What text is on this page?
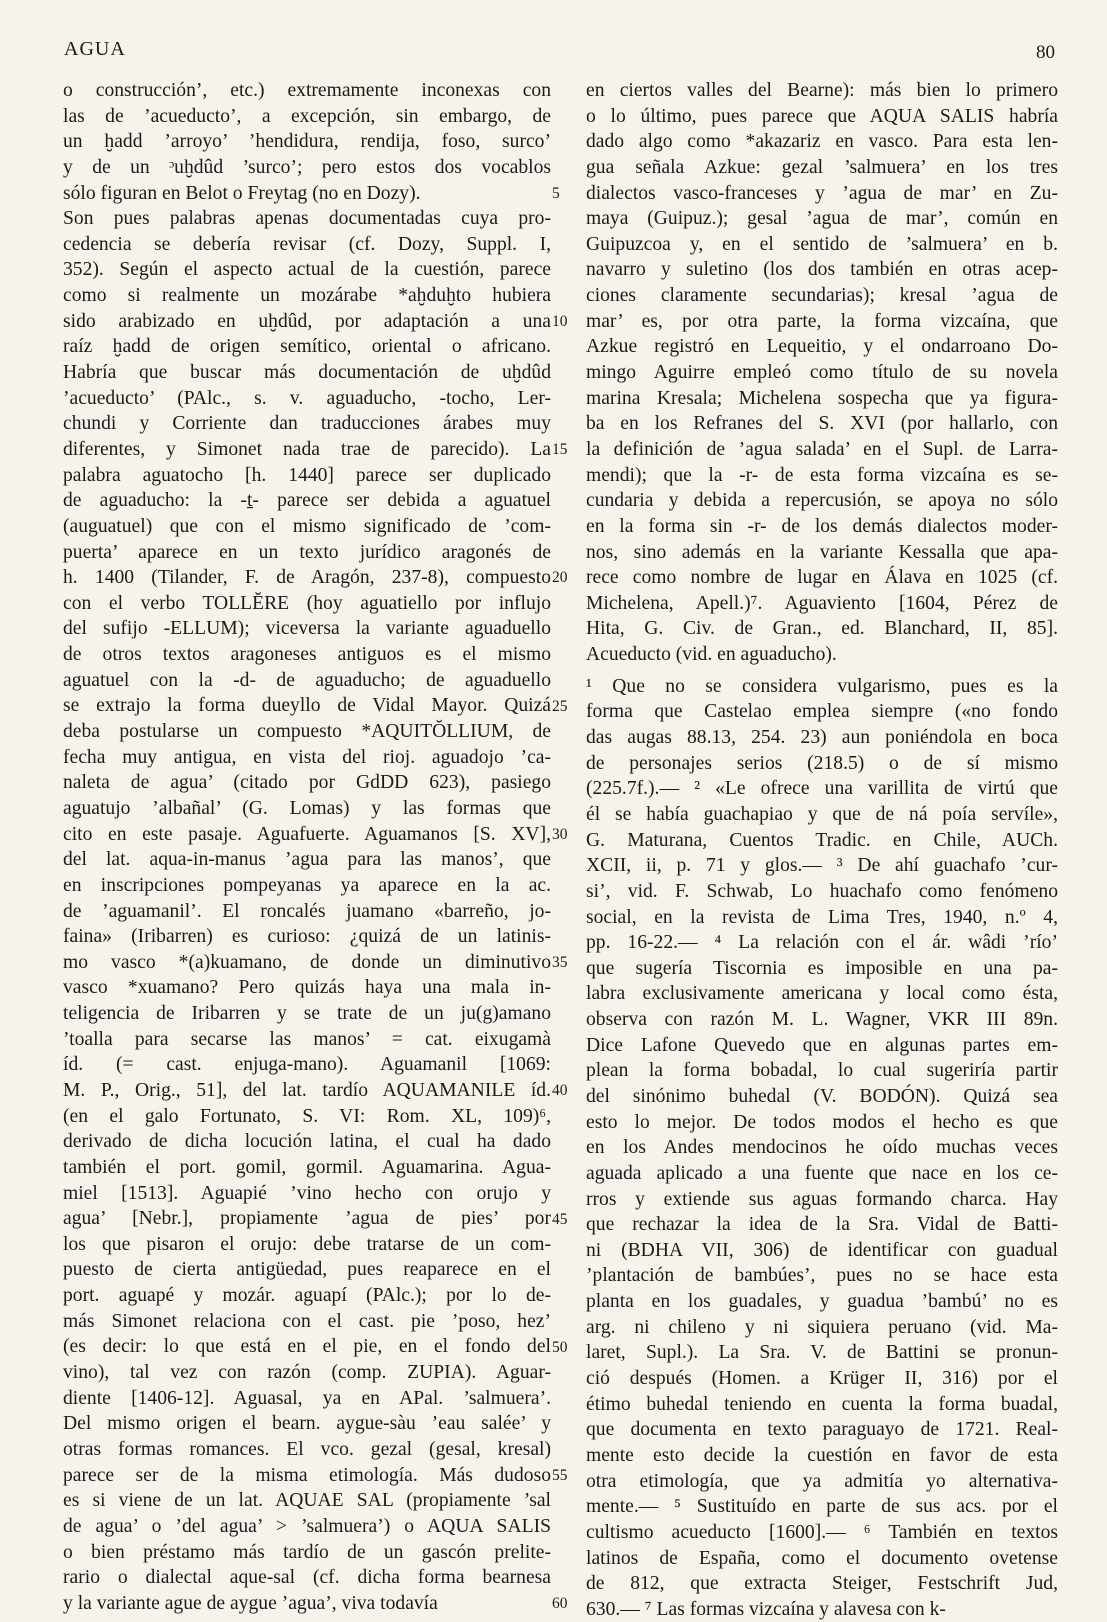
AGUA	80
o construcción’, etc.) extremamente inconexas con
las de ’acueducto’, a excepción, sin embargo, de
un ḫadd ’arroyo’ ’hendidura, rendija, foso, surco’
y de un ᵓuḫdûd ’surco’; pero estos dos vocablos
sólo figuran en Belot o Freytag (no en Dozy).
Son pues palabras apenas documentadas cuya pro-
cedencia se debería revisar (cf. Dozy, Suppl. I,
352). Según el aspecto actual de la cuestión, parece
como si realmente un mozárabe *aḫduḫto hubiera
sido arabizado en uḫdûd, por adaptación a una
raíz ḫadd de origen semítico, oriental o africano.
Habría que buscar más documentación de uḫdûd
’acueducto’ (PAlc., s. v. aguaducho, -tocho, Ler-
chundi y Corriente dan traducciones árabes muy
diferentes, y Simonet nada trae de parecido). La
palabra aguatocho [h. 1440] parece ser duplicado
de aguaducho: la -ṯ- parece ser debida a aguatuel
(auguatuel) que con el mismo significado de ’com-
puerta’ aparece en un texto jurídico aragonés de
h. 1400 (Tilander, F. de Aragón, 237-8), compuesto
con el verbo TOLLĔRE (hoy aguatiello por influjo
del sufijo -ELLUM); viceversa la variante aguaduello
de otros textos aragoneses antiguos es el mismo
aguatuel con la -d- de aguaducho; de aguaduello
se extrajo la forma dueyllo de Vidal Mayor. Quizá
deba postularse un compuesto *AQUITŎLLIUM, de
fecha muy antigua, en vista del rioj. aguadojo ’ca-
naleta de agua’ (citado por GdDD 623), pasiego
aguatujo ’albañal’ (G. Lomas) y las formas que
cito en este pasaje. Aguafuerte. Aguamanos [S. XV],
del lat. aqua-in-manus ’agua para las manos’, que
en inscripciones pompeyanas ya aparece en la ac.
de ’aguamanil’. El roncalés juamano «barreño, jo-
faina» (Iribarren) es curioso: ¿quizá de un latinis-
mo vasco *(a)kuamano, de donde un diminutivo
vasco *xuamano? Pero quizás haya una mala in-
teligencia de Iribarren y se trate de un ju(g)amano
’toalla para secarse las manos’ = cat. eixugamà
íd. (= cast. enjuga-mano). Aguamanil [1069:
M. P., Orig., 51], del lat. tardío AQUAMANILE íd.
(en el galo Fortunato, S. VI: Rom. XL, 109)⁶,
derivado de dicha locución latina, el cual ha dado
también el port. gomil, gormil. Aguamarina. Agua-
miel [1513]. Aguapié ’vino hecho con orujo y
agua’ [Nebr.], propiamente ’agua de pies’ por
los que pisaron el orujo: debe tratarse de un com-
puesto de cierta antigüedad, pues reaparece en el
port. aguapé y mozár. aguapí (PAlc.); por lo de-
más Simonet relaciona con el cast. pie ’poso, hez’
(es decir: lo que está en el pie, en el fondo del
vino), tal vez con razón (comp. ZUPIA). Aguar-
diente [1406-12]. Aguasal, ya en APal. ’salmuera’.
Del mismo origen el bearn. aygue-sàu ’eau salée’ y
otras formas romances. El vco. gezal (gesal, kresal)
parece ser de la misma etimología. Más dudoso
es si viene de un lat. AQUAE SAL (propiamente ’sal
de agua’ o ’del agua’ > ’salmuera’) o AQUA SALIS
o bien préstamo más tardío de un gascón prelite-
rario o dialectal aque-sal (cf. dicha forma bearnesa
y la variante ague de aygue ’agua’, viva todavía
5
10
15
20
25
30
35
40
45
50
55
60
en ciertos valles del Bearne): más bien lo primero
o lo último, pues parece que AQUA SALIS habría
dado algo como *akazariz en vasco. Para esta len-
gua señala Azkue: gezal ’salmuera’ en los tres
dialectos vasco-franceses y ’agua de mar’ en Zu-
maya (Guipuz.); gesal ’agua de mar’, común en
Guipuzcoa y, en el sentido de ’salmuera’ en b.
navarro y suletino (los dos también en otras acep-
ciones claramente secundarias); kresal ’agua de
mar’ es, por otra parte, la forma vizcaína, que
Azkue registró en Lequeitio, y el ondarroano Do-
mingo Aguirre empleó como título de su novela
marina Kresala; Michelena sospecha que ya figura-
ba en los Refranes del S. XVI (por hallarlo, con
la definición de ’agua salada’ en el Supl. de Larra-
mendi); que la -r- de esta forma vizcaína es se-
cundaria y debida a repercusión, se apoya no sólo
en la forma sin -r- de los demás dialectos moder-
nos, sino además en la variante Kessalla que apa-
rece como nombre de lugar en Álava en 1025 (cf.
Michelena, Apell.)⁷. Aguaviento [1604, Pérez de
Hita, G. Civ. de Gran., ed. Blanchard, II, 85].
Acueducto (vid. en aguaducho).
¹ Que no se considera vulgarismo, pues es la
forma que Castelao emplea siempre («no fondo
das augas 88.13, 254. 23) aun poniéndola en boca
de personajes serios (218.5) o de sí mismo
(225.7f.).— ² «Le ofrece una varillita de virtú que
él se había guachapiao y que de ná poía servíle»,
G. Maturana, Cuentos Tradic. en Chile, AUCh.
XCII, ii, p. 71 y glos.— ³ De ahí guachafo ’cur-
si’, vid. F. Schwab, Lo huachafo como fenómeno
social, en la revista de Lima Tres, 1940, n.º 4,
pp. 16-22.— ⁴ La relación con el ár. wâdi ’río’
que sugería Tiscornia es imposible en una pa-
labra exclusivamente americana y local como ésta,
observa con razón M. L. Wagner, VKR III 89n.
Dice Lafone Quevedo que en algunas partes em-
plean la forma bobadal, lo cual sugeriría partir
del sinónimo buhedal (V. BODÓN). Quizá sea
esto lo mejor. De todos modos el hecho es que
en los Andes mendocinos he oído muchas veces
aguada aplicado a una fuente que nace en los ce-
rros y extiende sus aguas formando charca. Hay
que rechazar la idea de la Sra. Vidal de Batti-
ni (BDHA VII, 306) de identificar con guadual
’plantación de bambúes’, pues no se hace esta
planta en los guadales, y guadua ’bambú’ no es
arg. ni chileno y ni siquiera peruano (vid. Ma-
laret, Supl.). La Sra. V. de Battini se pronun-
ció después (Homen. a Krüger II, 316) por el
étimo buhedal teniendo en cuenta la forma buadal,
que documenta en texto paraguayo de 1721. Real-
mente esto decide la cuestión en favor de esta
otra etimología, que ya admitía yo alternativa-
mente.— ⁵ Sustituído en parte de sus acs. por el
cultismo acueducto [1600].— ⁶ También en textos
latinos de España, como el documento ovetense
de 812, que extracta Steiger, Festschrift Jud,
630.— ⁷ Las formas vizcaína y alavesa con k-
